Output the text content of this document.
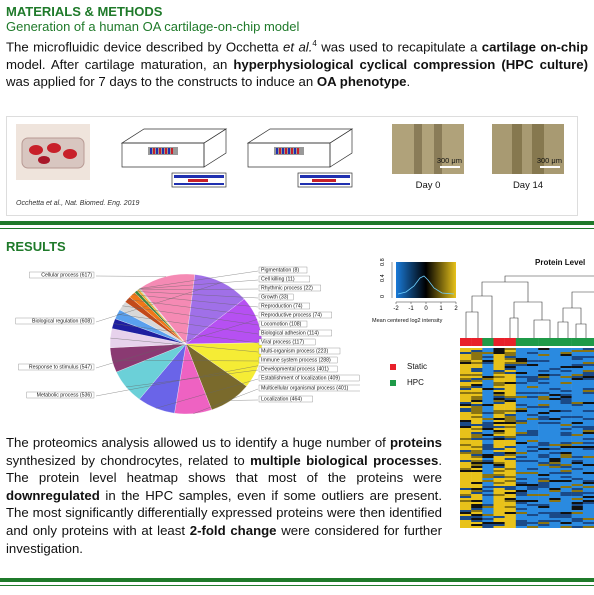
MATERIALS & METHODS
Generation of a human OA cartilage-on-chip model
The microfluidic device described by Occhetta et al.$^4$ was used to recapitulate a cartilage on-chip model. After cartilage maturation, an hyperphysiological cyclical compression (HPC culture) was applied for 7 days to the constructs to induce an OA phenotype.
300 μm	300 μm
Day 0	Day 14
Occhetta et al., Nat. Biomed. Eng. 2019
RESULTS
Cellular process (617)
Biological regulation (608)
Response to stimulus (547)
Metabolic process (536)
Localization (464)
Multicellular organismal process (401)
Establishment of localization (409)
Developmental process (401)
Immune system process (288)
Multi-organism process (223)
Viral process (117)
Biological adhesion (114)
Locomotion (108)
Reproductive process (74)
Reproduction (74)
Growth (33)
Rhythmic process (22)
Cell killing (11)
Pigmentation (8)
0
0.4
0.8
-2 -1 0 1 2
Mean centered log2 intensity
Protein Level
Static
HPC
The proteomics analysis allowed us to identify a huge number of proteins synthesized by chondrocytes, related to multiple biological processes. The protein level heatmap shows that most of the proteins were downregulated in the HPC samples, even if some outliers are present. The most significantly differentially expressed proteins were then identified and only proteins with at least 2-fold change were considered for further investigation.
